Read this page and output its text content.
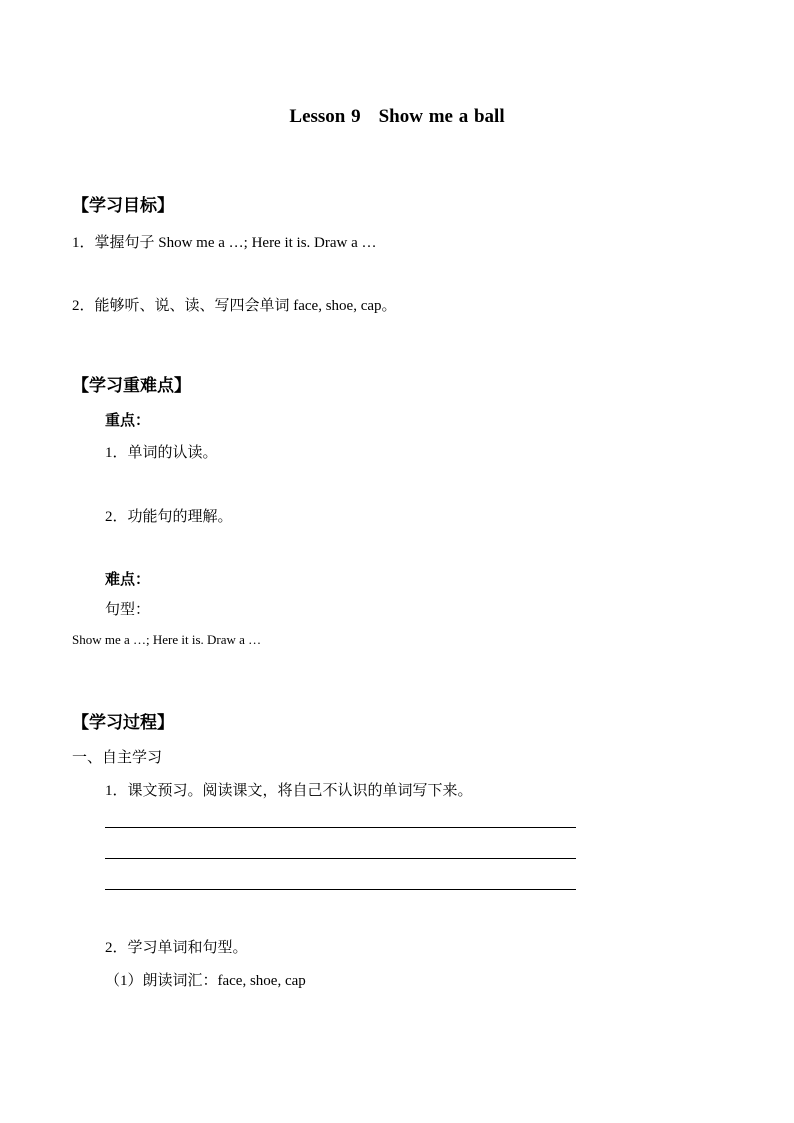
Lesson 9 Show me a ball
【学习目标】
1．掌握句子 Show me a …; Here it is. Draw a …
2．能够听、说、读、写四会单词 face, shoe, cap。
【学习重难点】
重点：
1．单词的认读。
2．功能句的理解。
难点：
句型：
Show me a …; Here it is. Draw a …
【学习过程】
一、自主学习
1．课文预习。阅读课文，将自己不认识的单词写下来。
2．学习单词和句型。
（1）朗读词汇：face, shoe, cap
